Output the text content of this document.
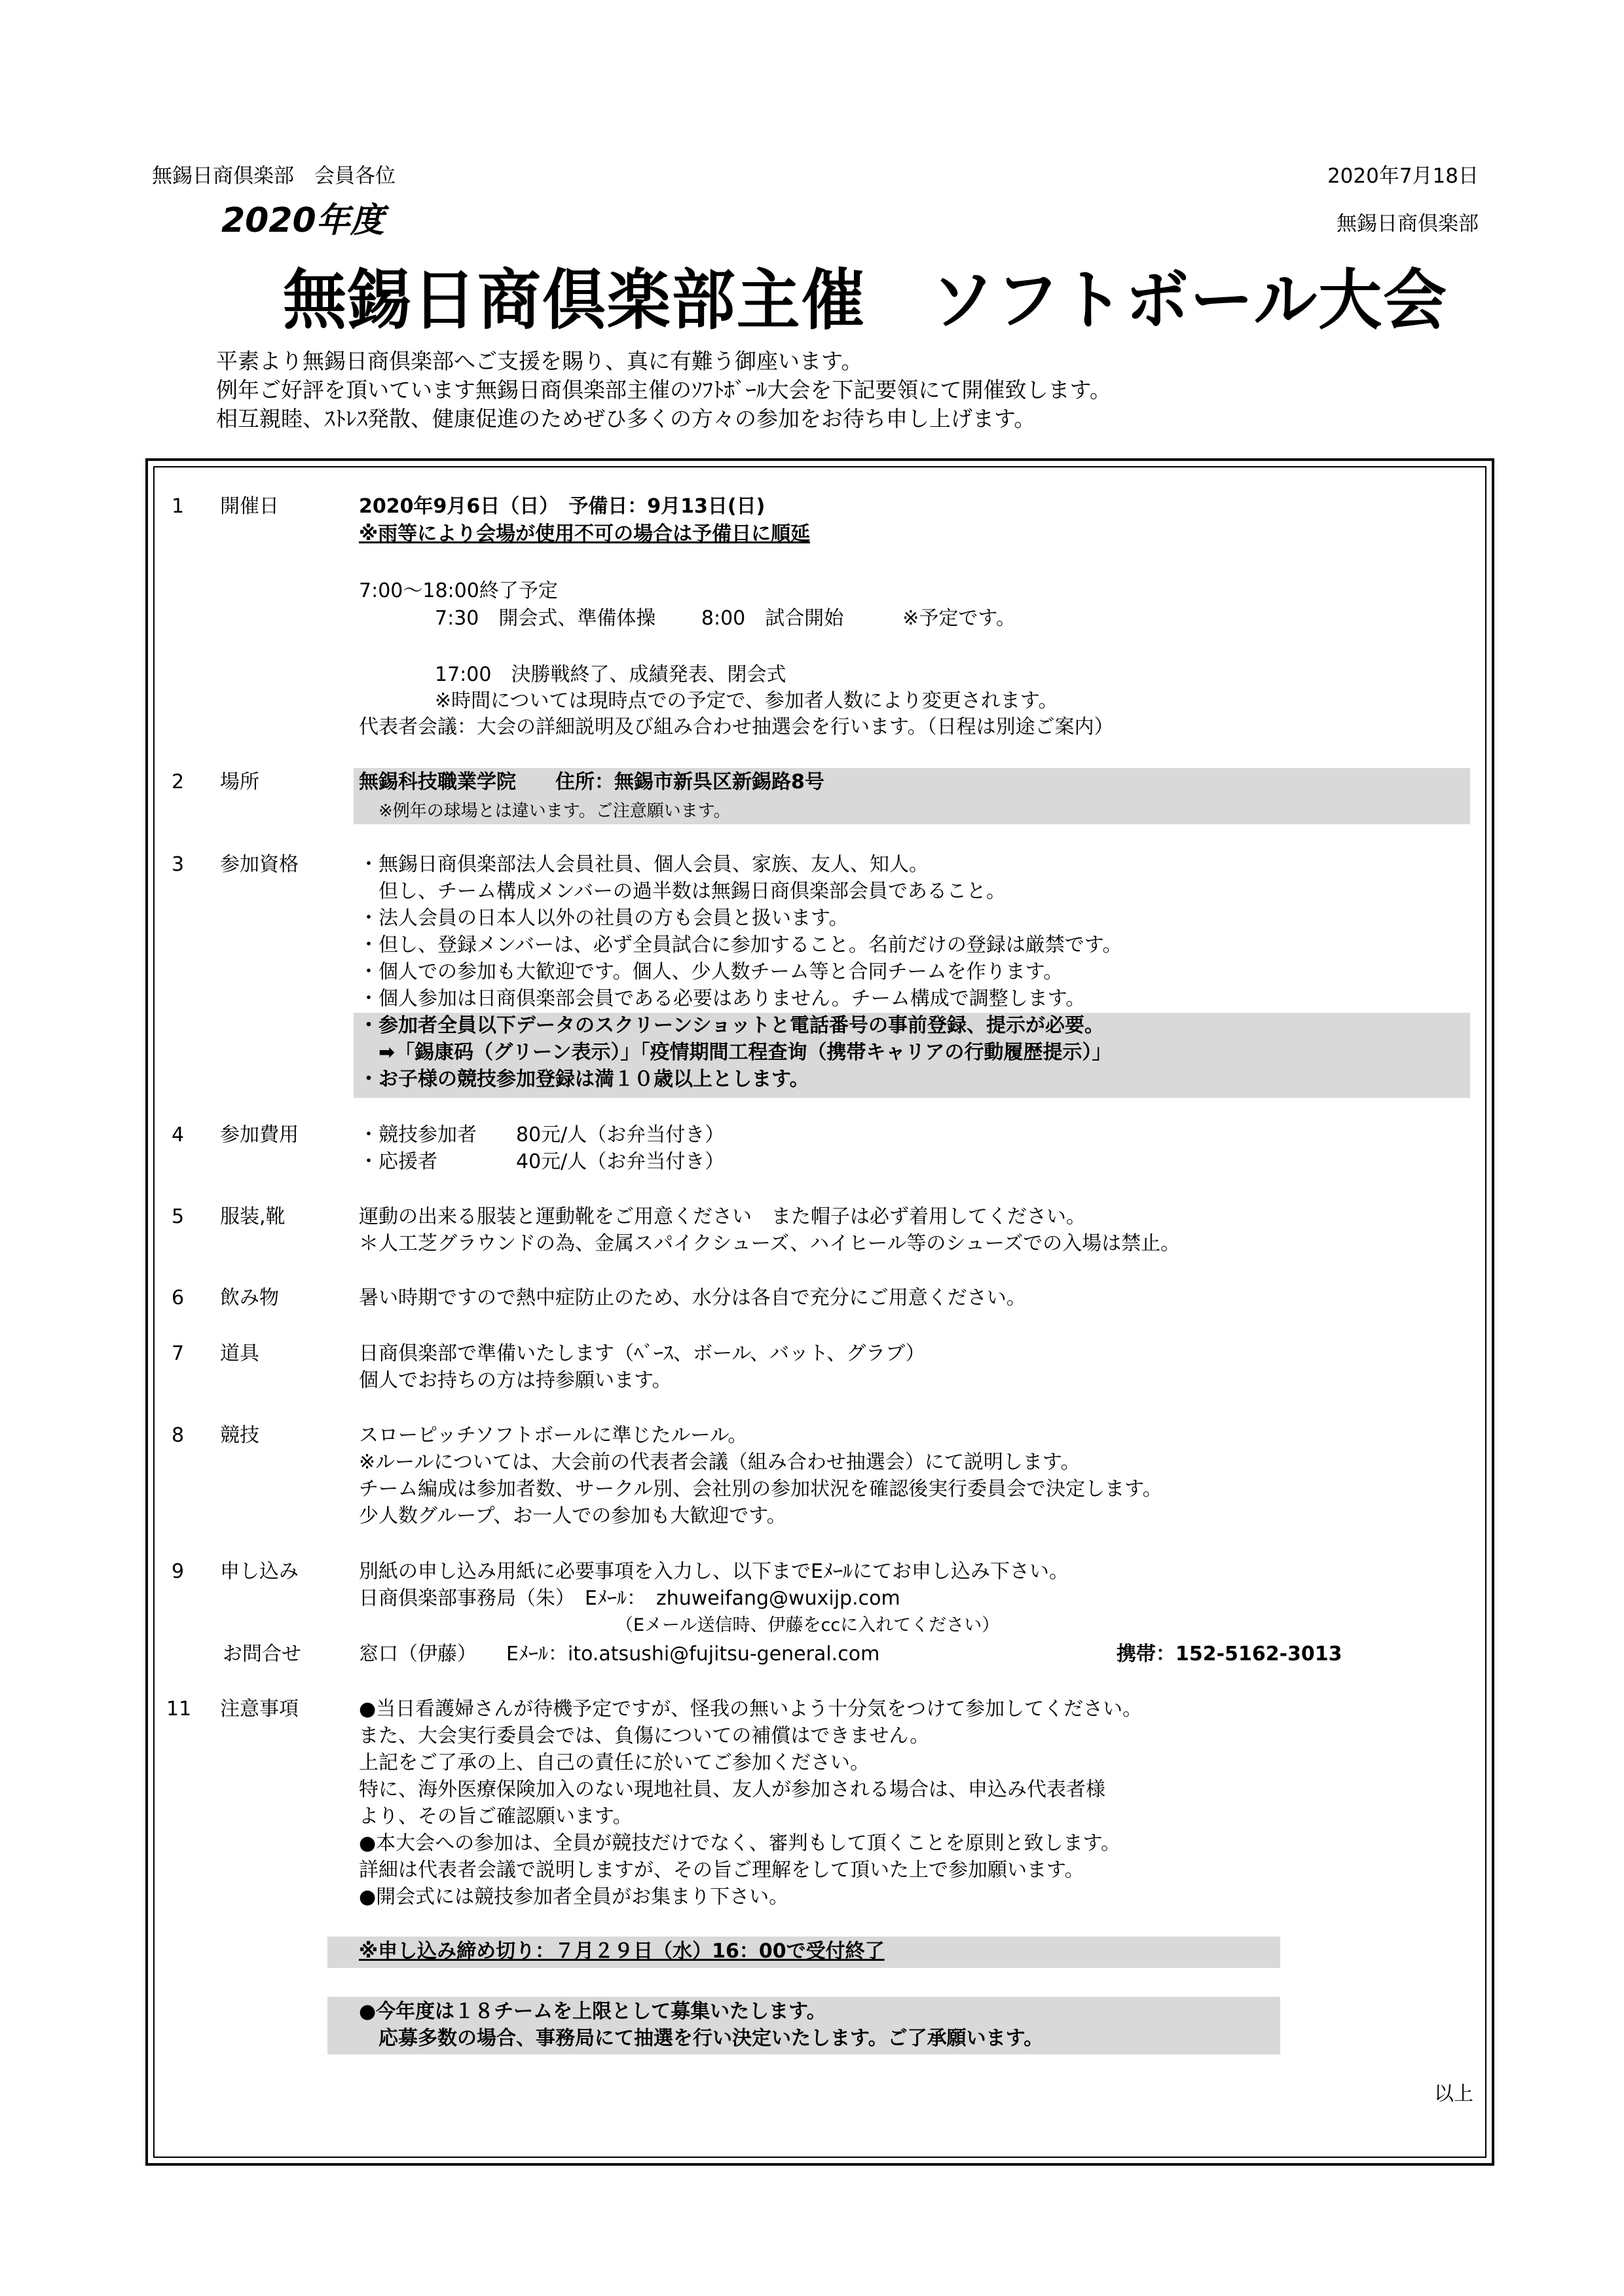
無錫日商倶楽部　会員各位	2020年7月18日
2020年度	無錫日商倶楽部
無錫日商倶楽部主催　ソフトボール大会
平素より無錫日商倶楽部へご支援を賜り、真に有難う御座います。
例年ご好評を頂いています無錫日商倶楽部主催のｿﾌﾄﾎﾞｰﾙ大会を下記要領にて開催致します。
相互親睦、ｽﾄﾚｽ発散、健康促進のためぜひ多くの方々の参加をお待ち申し上げます。
1 開催日	2020年9月6日（日）　予備日：9月13日(日)
※雨等により会場が使用不可の場合は予備日に順延
7:00～18:00終了予定
7:30　開会式、準備体操　　 8:00　試合開始　　　※予定です。
17:00　決勝戦終了、成績発表、閉会式
※時間については現時点での予定で、参加者人数により変更されます。
代表者会議：大会の詳細説明及び組み合わせ抽選会を行います。（日程は別途ご案内）
2 場所	無錫科技職業学院　　住所：無錫市新呉区新錫路8号
※例年の球場とは違います。ご注意願います。
3 参加資格	・無錫日商倶楽部法人会員社員、個人会員、家族、友人、知人。
　但し、チーム構成メンバーの過半数は無錫日商倶楽部会員であること。
・法人会員の日本人以外の社員の方も会員と扱います。
・但し、登録メンバーは、必ず全員試合に参加すること。名前だけの登録は厳禁です。
・個人での参加も大歓迎です。個人、少人数チーム等と合同チームを作ります。
・個人参加は日商倶楽部会員である必要はありません。チーム構成で調整します。
・参加者全員以下データのスクリーンショットと電話番号の事前登録、提示が必要。
　➡「錫康码（グリーン表示）」「疫情期間工程查询（携帯キャリアの行動履歴提示）」
・お子様の競技参加登録は満１０歳以上とします。
4 参加費用	・競技参加者　　80元/人（お弁当付き）
・応援者　　　　40元/人（お弁当付き）
5 服装,靴	運動の出来る服装と運動靴をご用意ください　また帽子は必ず着用してください。
＊人工芝グラウンドの為、金属スパイクシューズ、ハイヒール等のシューズでの入場は禁止。
6 飲み物	暑い時期ですので熱中症防止のため、水分は各自で充分にご用意ください。
7 道具	日商倶楽部で準備いたします（ﾍﾞｰｽ、ボール、バット、グラブ）
個人でお持ちの方は持参願います。
8 競技	スローピッチソフトボールに準じたルール。
※ルールについては、大会前の代表者会議（組み合わせ抽選会）にて説明します。
チーム編成は参加者数、サークル別、会社別の参加状況を確認後実行委員会で決定します。
少人数グループ、お一人での参加も大歓迎です。
9 申し込み	別紙の申し込み用紙に必要事項を入力し、以下までEﾒｰﾙにてお申し込み下さい。
日商倶楽部事務局（朱）　Eﾒｰﾙ：　zhuweifang@wuxijp.com
（Eメール送信時、伊藤をccに入れてください）
お問合せ	窓口（伊藤）　　Eﾒｰﾙ：ito.atsushi@fujitsu-general.com	携帯：152-5162-3013
11 注意事項	●当日看護婦さんが待機予定ですが、怪我の無いよう十分気をつけて参加してください。
また、大会実行委員会では、負傷についての補償はできません。
上記をご了承の上、自己の責任に於いてご参加ください。
特に、海外医療保険加入のない現地社員、友人が参加される場合は、申込み代表者様
より、その旨ご確認願います。
●本大会への参加は、全員が競技だけでなく、審判もして頂くことを原則と致します。
詳細は代表者会議で説明しますが、その旨ご理解をして頂いた上で参加願います。
●開会式には競技参加者全員がお集まり下さい。
※申し込み締め切り：７月２９日（水）16：00で受付終了
●今年度は１８チームを上限として募集いたします。
　応募多数の場合、事務局にて抽選を行い決定いたします。ご了承願います。
以上
